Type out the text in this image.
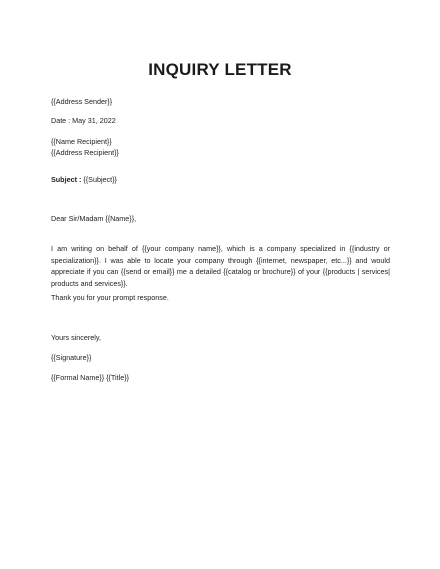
INQUIRY LETTER
{{Address Sender}}
Date : May 31, 2022
{{Name Recipient}}
{{Address Recipient}}
Subject : {{Subject}}
Dear Sir/Madam {{Name}},
I am writing on behalf of {{your company name}}, which is a company specialized in {{industry or specialization}}. I was able to locate your company through {{internet, newspaper, etc...}} and would appreciate if you can {{send or email}} me a detailed {{catalog or brochure}} of your {{products | services| products and services}}.
Thank you for your prompt response.
Yours sincerely,
{{Signature}}
{{Formal Name}} {{Title}}
